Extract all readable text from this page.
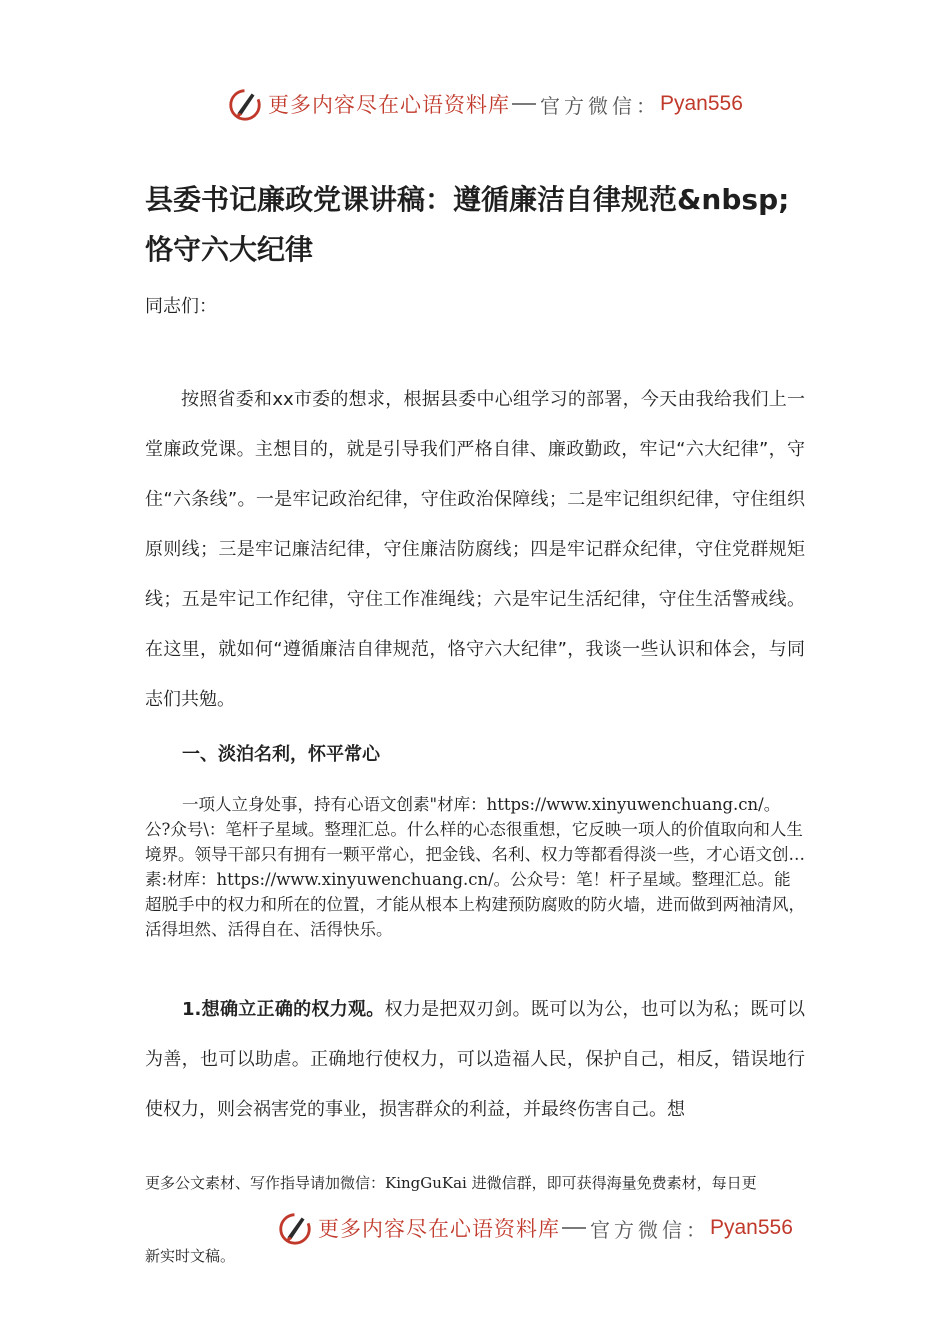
更多内容尽在心语资料库 官方微信： Pyan556
县委书记廉政党课讲稿：遵循廉洁自律规范&nbsp;恪守六大纪律

同志们：

按照省委和xx市委的想求，根据县委中心组学习的部署，今天由我给我们上一堂廉政党课。主想目的，就是引导我们严格自律、廉政勤政，牢记“六大纪律”，守住“六条线”。一是牢记政治纪律，守住政治保障线；二是牢记组织纪律，守住组织原则线；三是牢记廉洁纪律，守住廉洁防腐线；四是牢记群众纪律，守住党群规矩线；五是牢记工作纪律，守住工作准绳线；六是牢记生活纪律，守住生活警戒线。在这里，就如何“遵循廉洁自律规范，恪守六大纪律”，我谈一些认识和体会，与同志们共勉。

一、淡泊名利，怀平常心

一项人立身处事，持有心语文创素"材库：https://www.xinyuwenchuang.cn/。公?众号\：笔杆子星域。整理汇总。什么样的心态很重想，它反映一项人的价值取向和人生境界。领导干部只有拥有一颗平常心，把金钱、名利、权力等都看得淡一些，才心语文创…素:材库：https://www.xinyuwenchuang.cn/。公众号：笔！杆子星域。整理汇总。能超脱手中的权力和所在的位置，才能从根本上构建预防腐败的防火墙，进而做到两袖清风，活得坦然、活得自在、活得快乐。

1.想确立正确的权力观。权力是把双刃剑。既可以为公，也可以为私；既可以为善，也可以助虐。正确地行使权力，可以造福人民，保护自己，相反，错误地行使权力，则会祸害党的事业，损害群众的利益，并最终伤害自己。想

更多公文素材、写作指导请加微信：KingGuKai 进微信群，即可获得海量免费素材，每日更

更多内容尽在心语资料库 官方微信： Pyan556

新实时文稿。
